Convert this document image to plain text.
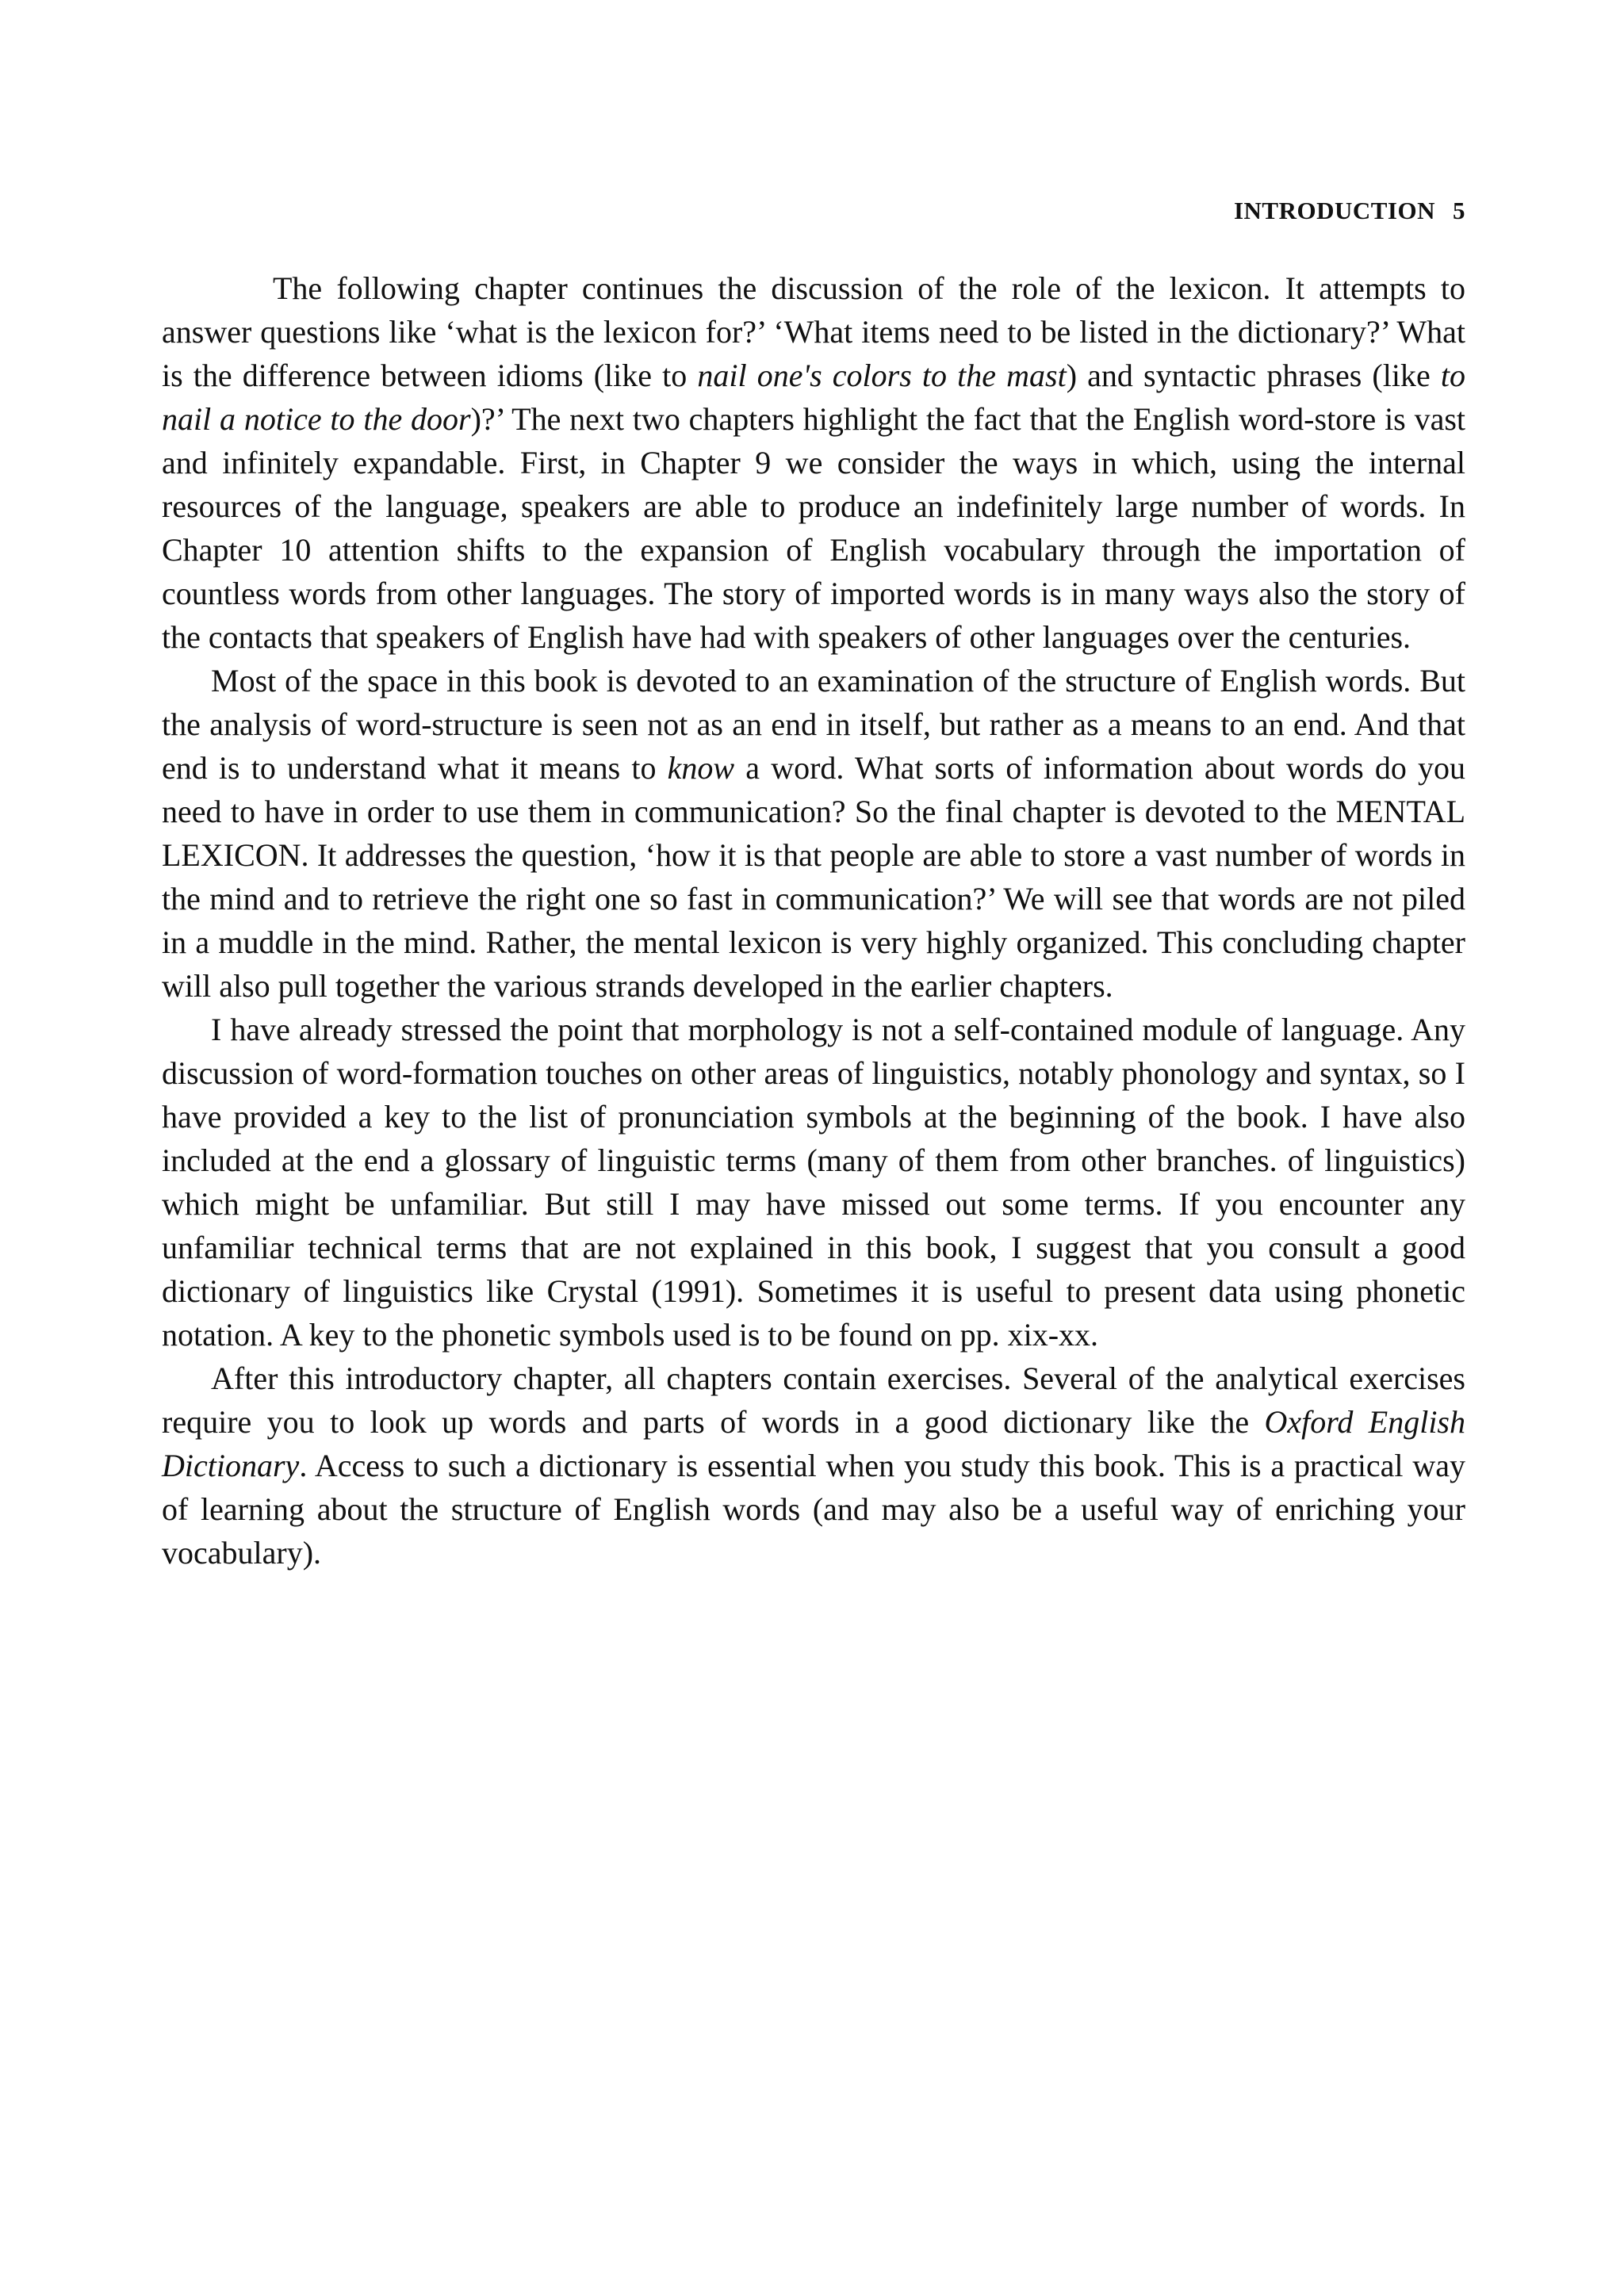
INTRODUCTION 5

The following chapter continues the discussion of the role of the lexicon. It attempts to answer questions like ‘what is the lexicon for?’ ‘What items need to be listed in the dictionary?’ What is the difference between idioms (like to nail one's colors to the mast) and syntactic phrases (like to nail a notice to the door)?’ The next two chapters highlight the fact that the English word-store is vast and infinitely expandable. First, in Chapter 9 we consider the ways in which, using the internal resources of the language, speakers are able to produce an indefinitely large number of words. In Chapter 10 attention shifts to the expansion of English vocabulary through the importation of countless words from other languages. The story of imported words is in many ways also the story of the contacts that speakers of English have had with speakers of other languages over the centuries.

Most of the space in this book is devoted to an examination of the structure of English words. But the analysis of word-structure is seen not as an end in itself, but rather as a means to an end. And that end is to understand what it means to know a word. What sorts of information about words do you need to have in order to use them in communication? So the final chapter is devoted to the MENTAL LEXICON. It addresses the question, ‘how it is that people are able to store a vast number of words in the mind and to retrieve the right one so fast in communication?’ We will see that words are not piled in a muddle in the mind. Rather, the mental lexicon is very highly organized. This concluding chapter will also pull together the various strands developed in the earlier chapters.

I have already stressed the point that morphology is not a self-contained module of language. Any discussion of word-formation touches on other areas of linguistics, notably phonology and syntax, so I have provided a key to the list of pronunciation symbols at the beginning of the book. I have also included at the end a glossary of linguistic terms (many of them from other branches. of linguistics) which might be unfamiliar. But still I may have missed out some terms. If you encounter any unfamiliar technical terms that are not explained in this book, I suggest that you consult a good dictionary of linguistics like Crystal (1991). Sometimes it is useful to present data using phonetic notation. A key to the phonetic symbols used is to be found on pp. xix-xx.

After this introductory chapter, all chapters contain exercises. Several of the analytical exercises require you to look up words and parts of words in a good dictionary like the Oxford English Dictionary. Access to such a dictionary is essential when you study this book. This is a practical way of learning about the structure of English words (and may also be a useful way of enriching your vocabulary).
